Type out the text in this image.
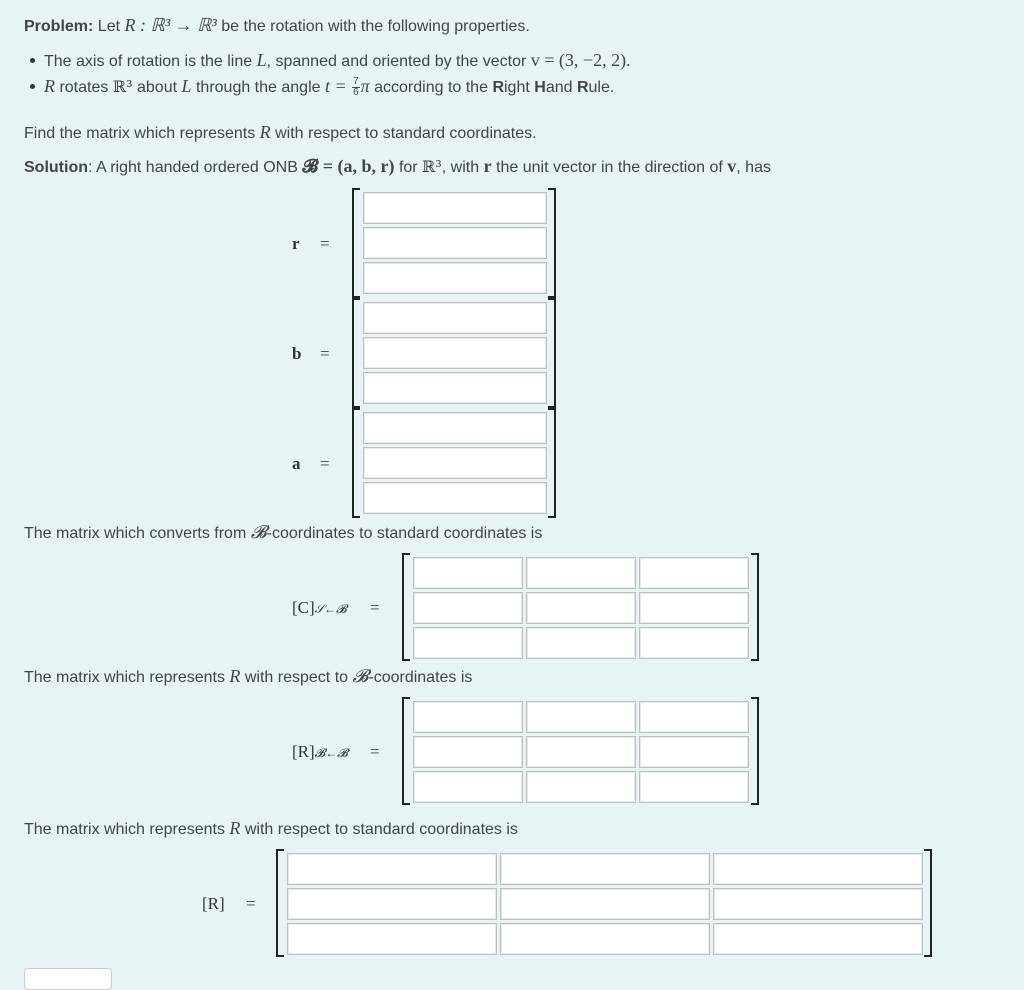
Problem: Let R : ℝ³ → ℝ³ be the rotation with the following properties.
The axis of rotation is the line L, spanned and oriented by the vector v = (3, −2, 2).
R rotates ℝ³ about L through the angle $t = \frac{7}{6}$ π according to the Right Hand Rule.
Find the matrix which represents R with respect to standard coordinates.
Solution: A right handed ordered ONB 𝓑 = (a, b, r) for ℝ³, with r the unit vector in the direction of v, has
r =
b =
a =
The matrix which converts from 𝓑-coordinates to standard coordinates is
[C]𝒮←𝓑 =
The matrix which represents R with respect to 𝓑-coordinates is
[R]𝓑←𝓑 =
The matrix which represents R with respect to standard coordinates is
[R] =
